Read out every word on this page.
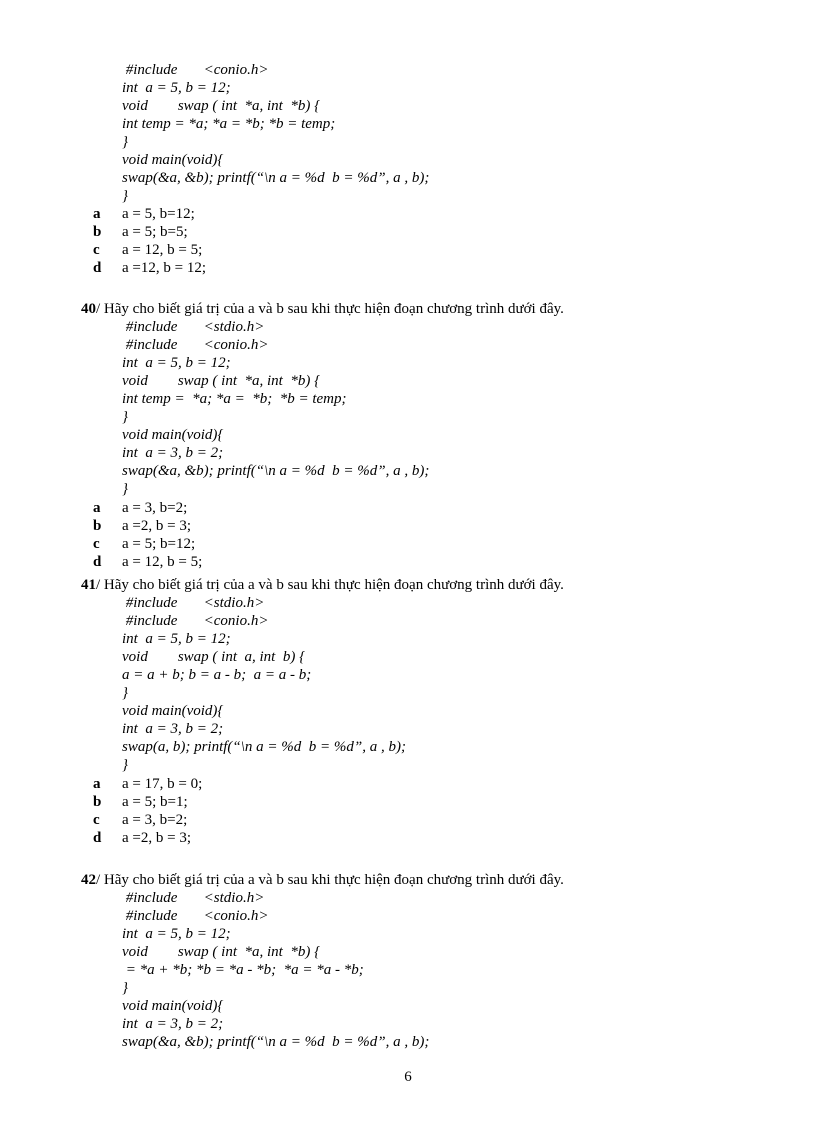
#include       <conio.h>
int  a = 5, b = 12;
void        swap ( int  *a, int  *b) {
int temp = *a; *a = *b; *b = temp;
}
void main(void){
swap(&a, &b); printf(“\n a = %d  b = %d”, a , b);
}
a a = 5, b=12;
b a = 5; b=5;
c a = 12, b = 5;
d a =12, b = 12;
40/ Hãy cho biết giá trị của a và b sau khi thực hiện đoạn chương trình dưới đây.
#include       <stdio.h>
#include       <conio.h>
int  a = 5, b = 12;
void        swap ( int  *a, int  *b) {
int temp =  *a; *a =  *b;  *b = temp;
}
void main(void){
int  a = 3, b = 2;
swap(&a, &b); printf(“\n a = %d  b = %d”, a , b);
}
a a = 3, b=2;
b a =2, b = 3;
c a = 5; b=12;
d a = 12, b = 5;
41/ Hãy cho biết giá trị của a và b sau khi thực hiện đoạn chương trình dưới đây.
#include       <stdio.h>
#include       <conio.h>
int  a = 5, b = 12;
void        swap ( int  a, int  b) {
a = a + b; b = a - b;  a = a - b;
}
void main(void){
int  a = 3, b = 2;
swap(a, b); printf(“\n a = %d  b = %d”, a , b);
}
a a = 17, b = 0;
b a = 5; b=1;
c a = 3, b=2;
d a =2, b = 3;
42/ Hãy cho biết giá trị của a và b sau khi thực hiện đoạn chương trình dưới đây.
#include       <stdio.h>
#include       <conio.h>
int  a = 5, b = 12;
void        swap ( int  *a, int  *b) {
= *a + *b; *b = *a - *b;  *a = *a - *b;
}
void main(void){
int  a = 3, b = 2;
swap(&a, &b); printf(“\n a = %d  b = %d”, a , b);
6
